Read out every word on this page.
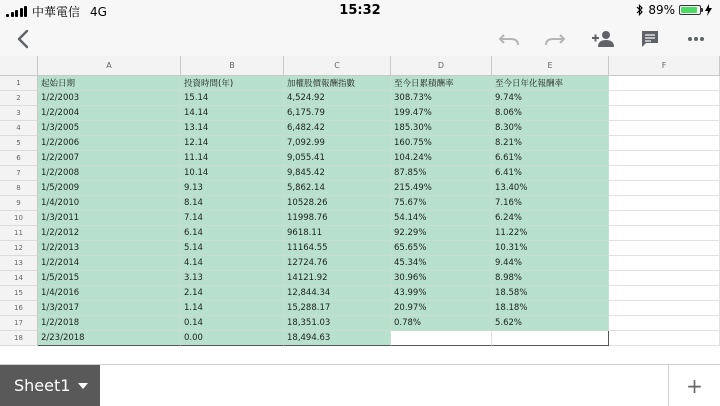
中華電信 4G	15:32	89%
A	B	C	D	E	F
1	起始日期	投資時間(年)	加權股價報酬指數	至今日累積酬率	至今日年化報酬率
2	1/2/2003	15.14	4,524.92	308.73%	9.74%
3	1/2/2004	14.14	6,175.79	199.47%	8.06%
4	1/3/2005	13.14	6,482.42	185.30%	8.30%
5	1/2/2006	12.14	7,092.99	160.75%	8.21%
6	1/2/2007	11.14	9,055.41	104.24%	6.61%
7	1/2/2008	10.14	9,845.42	87.85%	6.41%
8	1/5/2009	9.13	5,862.14	215.49%	13.40%
9	1/4/2010	8.14	10528.26	75.67%	7.16%
10	1/3/2011	7.14	11998.76	54.14%	6.24%
11	1/2/2012	6.14	9618.11	92.29%	11.22%
12	1/2/2013	5.14	11164.55	65.65%	10.31%
13	1/2/2014	4.14	12724.76	45.34%	9.44%
14	1/5/2015	3.13	14121.92	30.96%	8.98%
15	1/4/2016	2.14	12,844.34	43.99%	18.58%
16	1/3/2017	1.14	15,288.17	20.97%	18.18%
17	1/2/2018	0.14	18,351.03	0.78%	5.62%
18	2/23/2018	0.00	18,494.63
Sheet1	+
